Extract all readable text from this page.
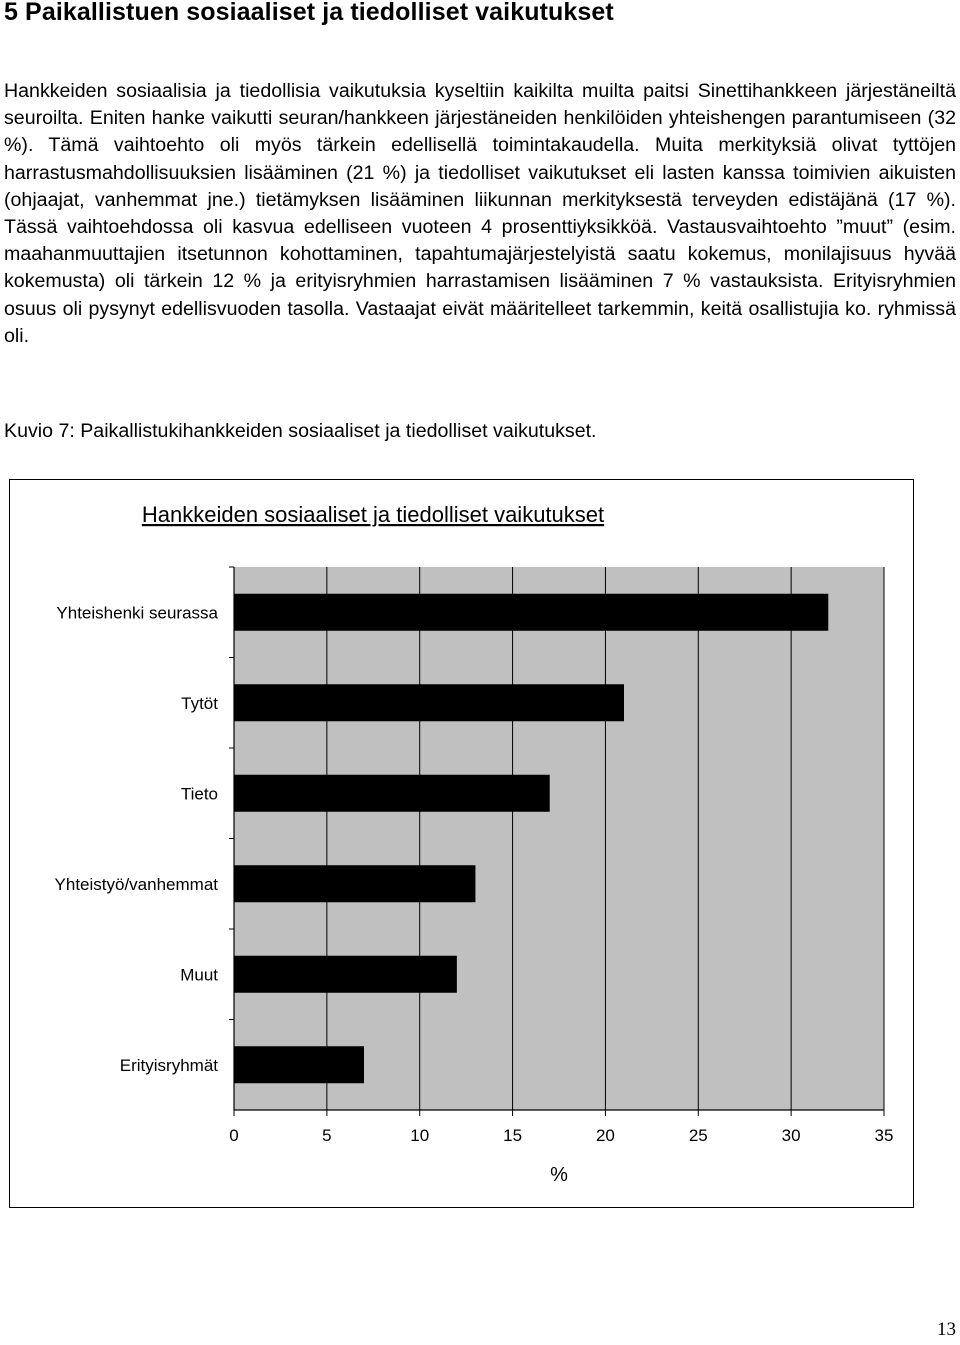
5 Paikallistuen sosiaaliset ja tiedolliset vaikutukset

Hankkeiden sosiaalisia ja tiedollisia vaikutuksia kyseltiin kaikilta muilta paitsi Sinettihankkeen järjestäneiltä seuroilta. Eniten hanke vaikutti seuran/hankkeen järjestäneiden henkilöiden yhteishengen parantumiseen (32 %). Tämä vaihtoehto oli myös tärkein edellisellä toimintakaudella. Muita merkityksiä olivat tyttöjen harrastusmahdollisuuksien lisääminen (21 %) ja tiedolliset vaikutukset eli lasten kanssa toimivien aikuisten (ohjaajat, vanhemmat jne.) tietämyksen lisääminen liikunnan merkityksestä terveyden edistäjänä (17 %). Tässä vaihtoehdossa oli kasvua edelliseen vuoteen 4 prosenttiyksikköä. Vastausvaihtoehto ”muut” (esim. maahanmuuttajien itsetunnon kohottaminen, tapahtumajärjestelyistä saatu kokemus, monilajisuus hyvää kokemusta) oli tärkein 12 % ja erityisryhmien harrastamisen lisääminen 7 % vastauksista. Erityisryhmien osuus oli pysynyt edellisvuoden tasolla. Vastaajat eivät määritelleet tarkemmin, keitä osallistujia ko. ryhmissä oli.

Kuvio 7: Paikallistukihankkeiden sosiaaliset ja tiedolliset vaikutukset.

Hankkeiden sosiaaliset ja tiedolliset vaikutukset
0	5	10	15	20	25	30	35
Yhteishenki seurassa
Tytöt
Tieto
Yhteistyö/vanhemmat
Muut
Erityisryhmät
%

13
